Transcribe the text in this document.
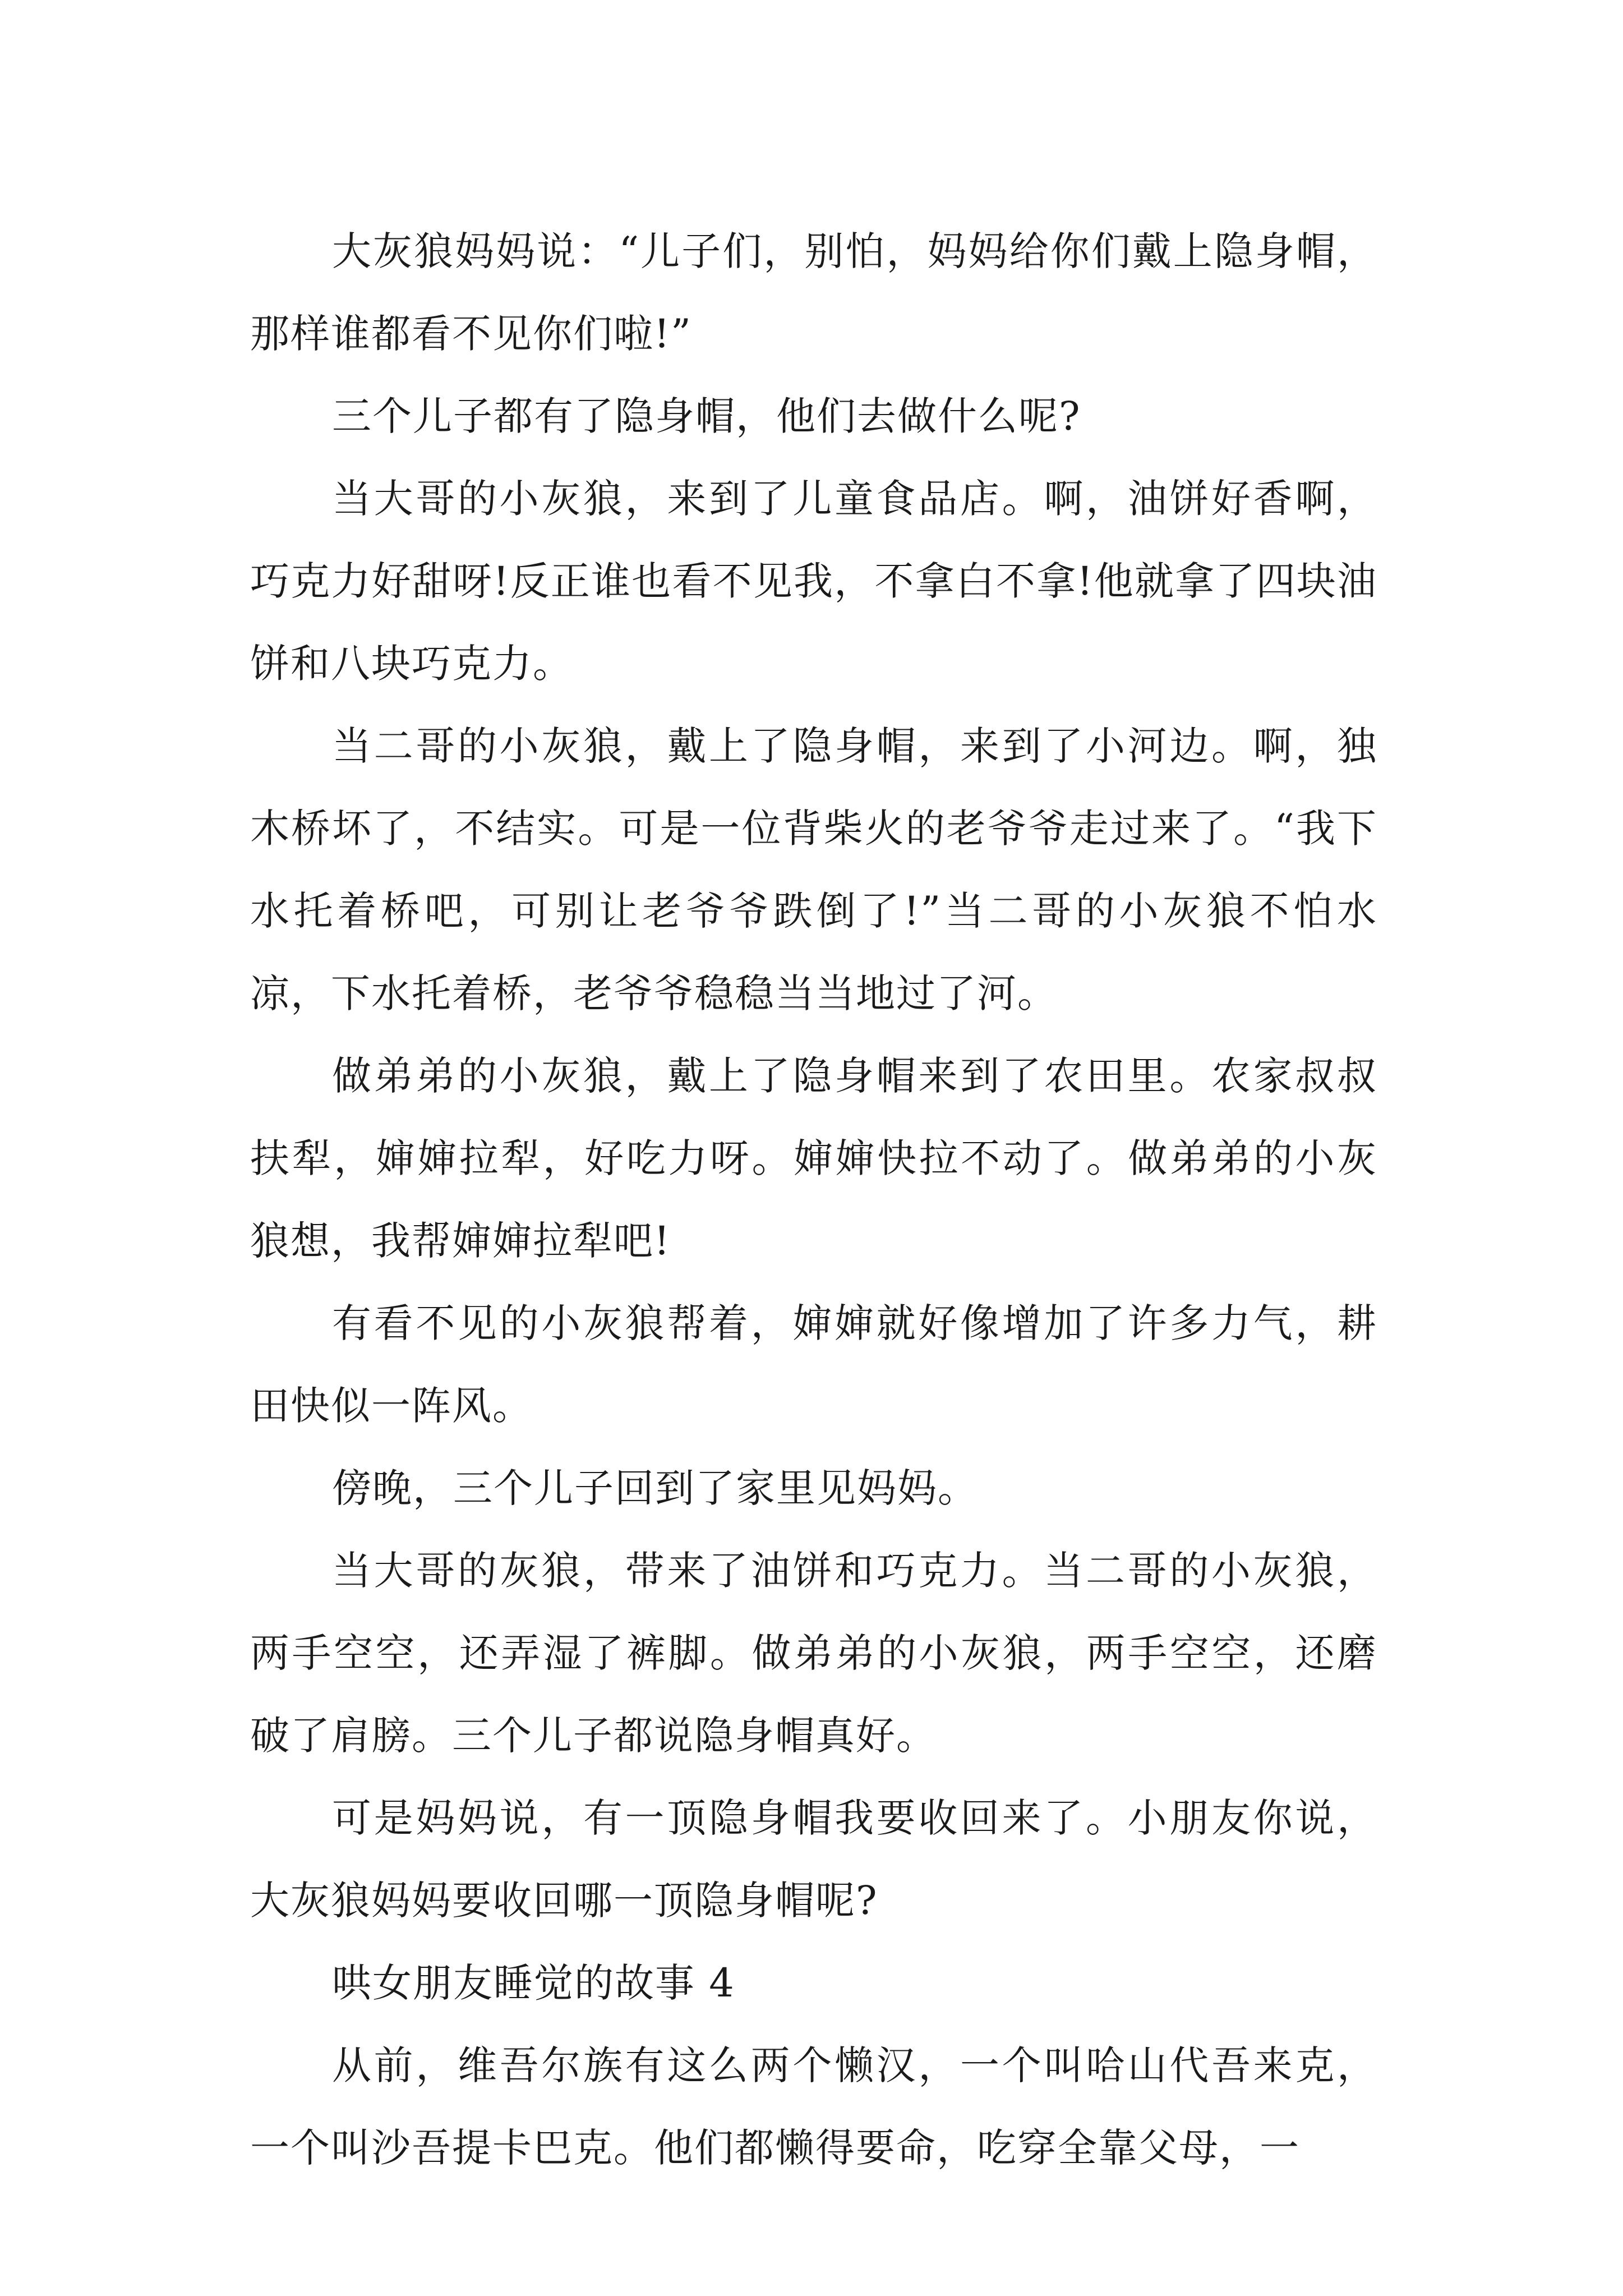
大灰狼妈妈说：“儿子们，别怕，妈妈给你们戴上隐身帽，那样谁都看不见你们啦!”

三个儿子都有了隐身帽，他们去做什么呢?

当大哥的小灰狼，来到了儿童食品店。啊，油饼好香啊，巧克力好甜呀!反正谁也看不见我，不拿白不拿!他就拿了四块油饼和八块巧克力。

当二哥的小灰狼，戴上了隐身帽，来到了小河边。啊，独木桥坏了，不结实。可是一位背柴火的老爷爷走过来了。“我下水托着桥吧，可别让老爷爷跌倒了!”当二哥的小灰狼不怕水凉，下水托着桥，老爷爷稳稳当当地过了河。

做弟弟的小灰狼，戴上了隐身帽来到了农田里。农家叔叔扶犁，婶婶拉犁，好吃力呀。婶婶快拉不动了。做弟弟的小灰狼想，我帮婶婶拉犁吧!

有看不见的小灰狼帮着，婶婶就好像增加了许多力气，耕田快似一阵风。

傍晚，三个儿子回到了家里见妈妈。

当大哥的灰狼，带来了油饼和巧克力。当二哥的小灰狼，两手空空，还弄湿了裤脚。做弟弟的小灰狼，两手空空，还磨破了肩膀。三个儿子都说隐身帽真好。

可是妈妈说，有一顶隐身帽我要收回来了。小朋友你说，大灰狼妈妈要收回哪一顶隐身帽呢?

哄女朋友睡觉的故事 4

从前，维吾尔族有这么两个懒汉，一个叫哈山代吾来克，一个叫沙吾提卡巴克。他们都懒得要命，吃穿全靠父母，一
